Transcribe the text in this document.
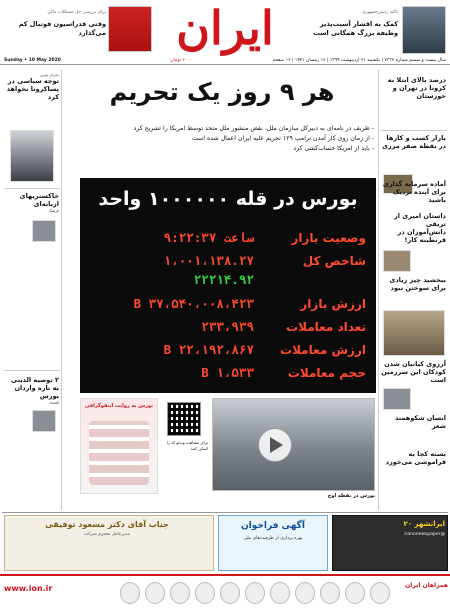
برای بررسی حل مشکلات مالی
وقتی فدراسیون فوتبال کم می‌گذارد	ایران	تاکید رئیس‌جمهوری
کمک به اقشار آسیب‌پذیر وظیفه بزرگ همگانی است
سال بیست و ششم شماره ۷۳۳۷ | یکشنبه ۲۱ اردیبهشت ۱۳۹۹ | ۱۷ رمضان ۱۴۴۱ | ۱۶ صفحه
۲۰۰۰ تومان
Sunday • 10 May 2020
بحران بنزین
توجه سیاسی در پساکرونا نخواهد کرد
خاکستریهای ازبانه‌ای
فرهنگ
۲ توصیه الدینی به تازه واردان بورس
اقتصاد
درصد بالای ابتلا به کرونا در تهران و خوزستان
بازار کسب و کارها در نقطه صفر مرزی
آماده سرمایه گذاری برای آینده نزدیک باشید
داستان امیری از تریقی
دانش‌آموزان در قرنطینه کار!
ببخشید چیز زیادی برای سوختن نبود
آرزوی کیانیان شدن کودکان این سرزمین است
انسان شکوهمند شعر
بسته کجا به فراموشی می‌خورد
هر ۹ روز یک تحریم
- ظریف در نامه‌ای به دبیرکل سازمان ملل، نقض منشور ملل متحد توسط امریکا را تشریح کرد
- از زمان روی کار آمدن ترامپ ۱۲۹ تحریم علیه ایران اعمال شده است
- باید از امریکا حساب‌کشی کرد
بورس در قله ۱۰۰۰۰۰۰ واحد
وضعیت بازار
ساعت ۹:۲۲:۳۷
شاخص کل
۱،۰۰۱،۱۳۸.۲۷
۲۲۲۱۴.۹۲
ارزش بازار
۳۷،۵۴۰،۰۰۸،۴۲۳ B
تعداد معاملات
۲۳۳،۹۳۹
ارزش معاملات
۲۲،۱۹۲،۸۶۷ B
حجم معاملات
۱،۵۳۳ B
بورس به روایت اینفوگرافی
برای مشاهده ویدئو کد را اسکن کنید
بورس در نقطه اوج
جناب آقای دکتر مسعود توفیقی
مدیرعامل محترم شرکت
آگهی فراخوان
بهره برداری از ظرفیت‌های ملی
ایرانشهر ۲۰
@iranonewspaper
www.ion.ir	همراهان ایران
